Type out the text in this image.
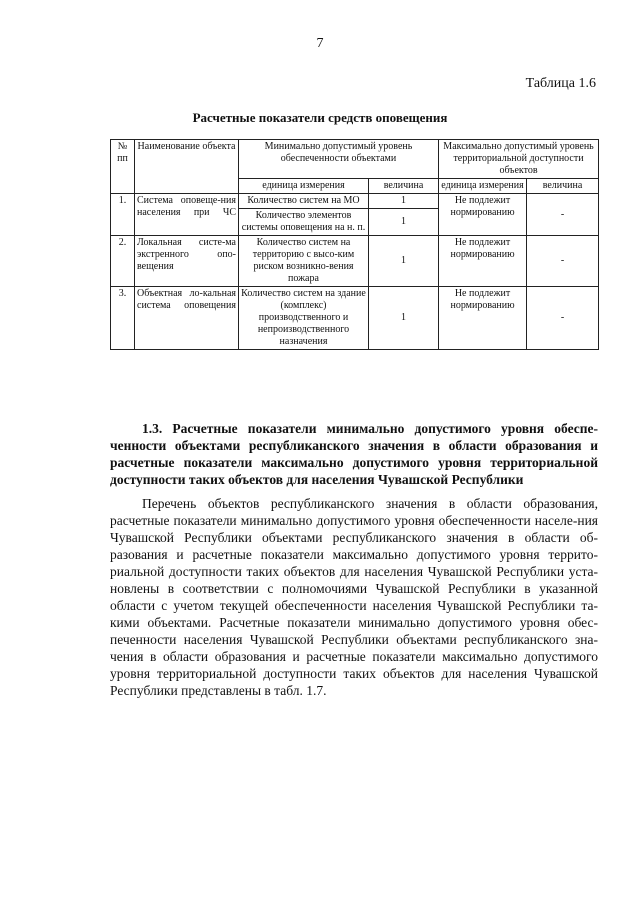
7
Таблица 1.6
Расчетные показатели средств оповещения
№ пп	Наименование объекта	Минимально допустимый уровень обеспеченности объектами		Максимально допустимый уровень территориальной доступности объектов	
		единица измерения	величина	единица измерения	величина
1.	Система оповеще-ния населения при ЧС	Количество систем на МО	1	Не подлежит нормированию	-
		Количество элементов системы оповещения на н. п.	1		
2.	Локальная систе-ма экстренного опо-вещения	Количество систем на территорию с высо-ким риском возникно-вения пожара	1	Не подлежит нормированию	-
3.	Объектная ло-кальная система оповещения	Количество систем на здание (комплекс) производственного и непроизводственного назначения	1	Не подлежит нормированию	-
1.3. Расчетные показатели минимально допустимого уровня обеспе-ченности объектами республиканского значения в области образования и расчетные показатели максимально допустимого уровня территориальной доступности таких объектов для населения Чувашской Республики
Перечень объектов республиканского значения в области образования, расчетные показатели минимально допустимого уровня обеспеченности населе-ния Чувашской Республики объектами республиканского значения в области об-разования и расчетные показатели максимально допустимого уровня террито-риальной доступности таких объектов для населения Чувашской Республики уста-новлены в соответствии с полномочиями Чувашской Республики в указанной области с учетом текущей обеспеченности населения Чувашской Республики та-кими объектами. Расчетные показатели минимально допустимого уровня обес-печенности населения Чувашской Республики объектами республиканского зна-чения в области образования и расчетные показатели максимально допустимого уровня территориальной доступности таких объектов для населения Чувашской Республики представлены в табл. 1.7.
